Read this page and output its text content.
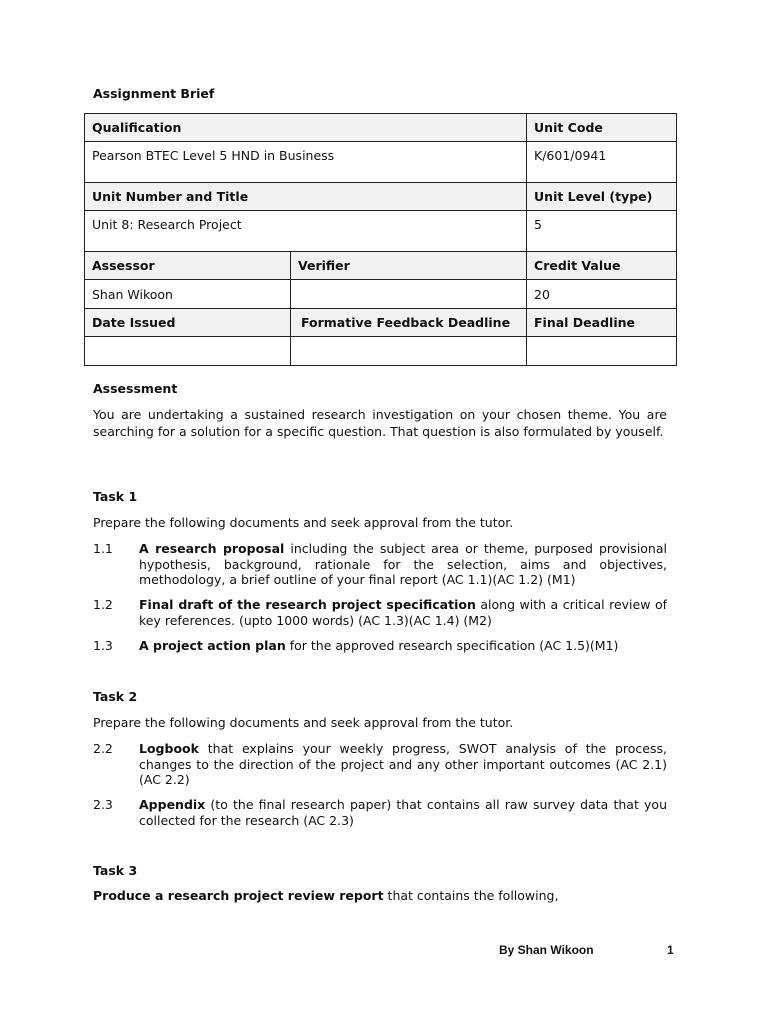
Assignment Brief
Qualification		Unit Code
Pearson BTEC Level 5 HND in Business		K/601/0941
Unit Number and Title		Unit Level (type)
Unit 8: Research Project		5
Assessor	Verifier	Credit Value
Shan Wikoon		20
Date Issued	Formative Feedback Deadline	Final Deadline

Assessment
You are undertaking a sustained research investigation on your chosen theme. You are searching for a solution for a specific question. That question is also formulated by youself.
Task 1
Prepare the following documents and seek approval from the tutor.
1.1 A research proposal including the subject area or theme, purposed provisional hypothesis, background, rationale for the selection, aims and objectives, methodology, a brief outline of your final report (AC 1.1)(AC 1.2) (M1)
1.2 Final draft of the research project specification along with a critical review of key references. (upto 1000 words) (AC 1.3)(AC 1.4) (M2)
1.3 A project action plan for the approved research specification (AC 1.5)(M1)
Task 2
Prepare the following documents and seek approval from the tutor.
2.2 Logbook that explains your weekly progress, SWOT analysis of the process, changes to the direction of the project and any other important outcomes (AC 2.1) (AC 2.2)
2.3 Appendix (to the final research paper) that contains all raw survey data that you collected for the research (AC 2.3)
Task 3
Produce a research project review report that contains the following,
By Shan Wikoon	1
